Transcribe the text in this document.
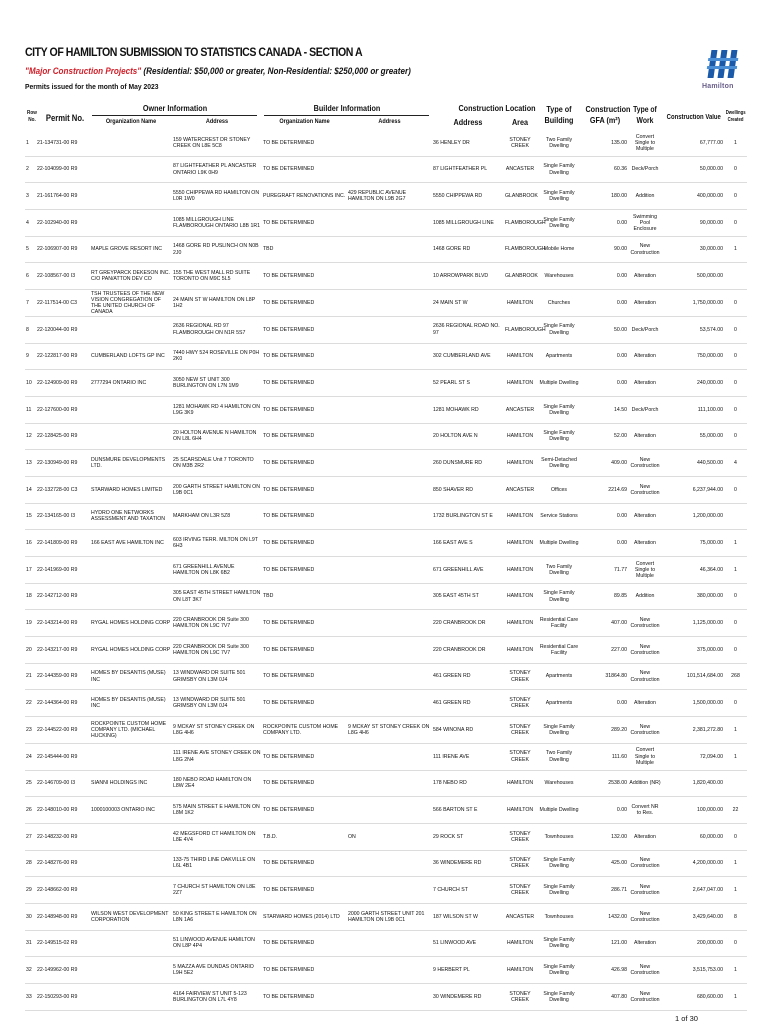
CITY OF HAMILTON SUBMISSION TO STATISTICS CANADA - SECTION A
"Major Construction Projects" (Residential: $50,000 or greater, Non-Residential: $250,000 or greater)
Permits issued for the month of May 2023	Hamilton
Row No. Permit No.
Owner Information
Organization Name	Address
Builder Information
Organization Name	Address
Construction Location
Address	Area
Type of
Building
Construction
GFA (m²)
Type of
Work	Construction Value
Dwellings
Created
1	21-134731-00 R9		159 WATERCREST DR STONEY CREEK ON L8E 5C8	TO BE DETERMINED		36 HENLEY DR	STONEY CREEK	Two Family Dwelling	135.00	Convert Single to Multiple	67,777.00	1
2	22-104099-00 R9		87 LIGHTFEATHER PL ANCASTER ONTARIO L9K 0H9	TO BE DETERMINED		87 LIGHTFEATHER PL	ANCASTER	Single Family Dwelling	60.36	Deck/Porch	50,000.00	0
3	21-161764-00 R9		5550 CHIPPEWA RD HAMILTON ON L0R 1W0	PUREGRAFT RENOVATIONS INC.	429 REPUBLIC AVENUE HAMILTON ON L9B 2G7	5550 CHIPPEWA RD	GLANBROOK	Single Family Dwelling	180.00	Addition	400,000.00	0
4	22-102940-00 R9		1085 MILLGROUGH LINE FLAMBOROUGH ONTARIO L8B 1R1	TO BE DETERMINED		1085 MILLGROUGH LINE	FLAMBOROUGH	Single Family Dwelling	0.00	Swimming Pool Enclosure	90,000.00	0
5	22-106907-00 R9	MAPLE GROVE RESORT INC	1468 GORE RD PUSLINCH ON N0B 2J0	TBD		1468 GORE RD	FLAMBOROUGH	Mobile Home	90.00	New Construction	30,000.00	1
6	22-108567-00 I3	RT GREYPARCK DEKESON INC. C/O PAN/ATTON DEV CO	155 THE WEST MALL RD SUITE TORONTO ON M9C 5L5	TO BE DETERMINED		10 ARROWPARK BLVD	GLANBROOK	Warehouses	0.00	Alteration	500,000.00	
7	22-117514-00 C3	TSH TRUSTEES OF THE NEW VISION CONGREGATION OF THE UNITED CHURCH OF CANADA	24 MAIN ST W HAMILTON ON L8P 1H2	TO BE DETERMINED		24 MAIN ST W	HAMILTON	Churches	0.00	Alteration	1,750,000.00	0
8	22-120044-00 R9		2636 REGIONAL RD 97 FLAMBOROUGH ON N1R 5S7	TO BE DETERMINED		2636 REGIONAL ROAD NO. 97	FLAMBOROUGH	Single Family Dwelling	50.00	Deck/Porch	53,574.00	0
9	22-122817-00 R9	CUMBERLAND LOFTS GP INC	7440 HWY 524 ROSEVILLE ON P0H 2K0	TO BE DETERMINED		302 CUMBERLAND AVE	HAMILTON	Apartments	0.00	Alteration	750,000.00	0
10	22-124909-00 R9	2777294 ONTARIO INC	3050 NEW ST UNIT 300 BURLINGTON ON L7N 1M9	TO BE DETERMINED		52 PEARL ST S	HAMILTON	Multiple Dwelling	0.00	Alteration	240,000.00	0
11	22-127600-00 R9		1281 MOHAWK RD 4 HAMILTON ON L9G 3K9	TO BE DETERMINED		1281 MOHAWK RD	ANCASTER	Single Family Dwelling	14.50	Deck/Porch	111,100.00	0
12	22-128425-00 R9		20 HOLTON AVENUE N HAMILTON ON L8L 6H4	TO BE DETERMINED		20 HOLTON AVE N	HAMILTON	Single Family Dwelling	52.00	Alteration	55,000.00	0
13	22-130949-00 R9	DUNSMURE DEVELOPMENTS LTD.	25 SCARSDALE Unit 7 TORONTO ON M3B 2R2	TO BE DETERMINED		260 DUNSMURE RD	HAMILTON	Semi-Detached Dwelling	409.00	New Construction	440,500.00	4
14	22-132728-00 C3	STARWARD HOMES LIMITED	200 GARTH STREET HAMILTON ON L9B 0C1	TO BE DETERMINED		850 SHAVER RD	ANCASTER	Offices	2214.69	New Construction	6,237,944.00	0
15	22-134165-00 I3	HYDRO ONE NETWORKS ASSESSMENT AND TAXATION	MARKHAM ON L3R 5Z8	TO BE DETERMINED		1732 BURLINGTON ST E	HAMILTON	Service Stations	0.00	Alteration	1,200,000.00	
16	22-141809-00 R9	166 EAST AVE HAMILTON INC	603 IRVING TERR. MILTON ON L9T 6H3	TO BE DETERMINED		166 EAST AVE S	HAMILTON	Multiple Dwelling	0.00	Alteration	75,000.00	1
17	22-141969-00 R9		671 GREENHILL AVENUE HAMILTON ON L8K 6B2	TO BE DETERMINED		671 GREENHILL AVE	HAMILTON	Two Family Dwelling	71.77	Convert Single to Multiple	46,364.00	1
18	22-142712-00 R9		305 EAST 45TH STREET HAMILTON ON L8T 3K7	TBD		305 EAST 45TH ST	HAMILTON	Single Family Dwelling	89.85	Addition	380,000.00	0
19	22-143214-00 R9	RYGAL HOMES HOLDING CORP	220 CRANBROOK DR Suite 300 HAMILTON ON L9C 7V7	TO BE DETERMINED		220 CRANBROOK DR	HAMILTON	Residential Care Facility	407.00	New Construction	1,125,000.00	0
20	22-143217-00 R9	RYGAL HOMES HOLDING CORP	220 CRANBROOK DR Suite 300 HAMILTON ON L9C 7V7	TO BE DETERMINED		220 CRANBROOK DR	HAMILTON	Residential Care Facility	227.00	New Construction	375,000.00	0
21	22-144359-00 R9	HOMES BY DESANTIS (MUSE) INC	13 WINDWARD DR SUITE 501 GRIMSBY ON L3M 0J4	TO BE DETERMINED		461 GREEN RD	STONEY CREEK	Apartments	31864.80	New Construction	101,514,684.00	268
22	22-144364-00 R9	HOMES BY DESANTIS (MUSE) INC	13 WINDWARD DR SUITE 501 GRIMSBY ON L3M 0J4	TO BE DETERMINED		461 GREEN RD	STONEY CREEK	Apartments	0.00	Alteration	1,500,000.00	0
23	22-144522-00 R9	ROCKPOINTE CUSTOM HOME COMPANY LTD. (MICHAEL HUCKING)	9 MCKAY ST STONEY CREEK ON L8G 4H6	ROCKPOINTE CUSTOM HOME COMPANY LTD.	9 MCKAY ST STONEY CREEK ON L8G 4H6	584 WINONA RD	STONEY CREEK	Single Family Dwelling	289.20	New Construction	2,381,272.80	1
24	22-145444-00 R9		111 IRENE AVE STONEY CREEK ON L8G 2N4	TO BE DETERMINED		111 IRENE AVE	STONEY CREEK	Two Family Dwelling	111.60	Convert Single to Multiple	72,094.00	1
25	22-146709-00 I3	SIANNI HOLDINGS INC	180 NEBO ROAD HAMILTON ON L8W 2E4	TO BE DETERMINED		178 NEBO RD	HAMILTON	Warehouses	2538.00	Addition (NR)	1,820,400.00	
26	22-148010-00 R9	1000100003 ONTARIO INC	575 MAIN STREET E HAMILTON ON L8M 1K2	TO BE DETERMINED		566 BARTON ST E	HAMILTON	Multiple Dwelling	0.00	Convert NR to Res.	100,000.00	22
27	22-148232-00 R9		42 MEGSFORD CT HAMILTON ON L8E 4V4	T.B.D.	ON	29 ROCK ST	STONEY CREEK	Townhouses	132.00	Alteration	60,000.00	0
28	22-148276-00 R9		133-75 THIRD LINE OAKVILLE ON L6L 4B1	TO BE DETERMINED		36 WINDEMERE RD	STONEY CREEK	Single Family Dwelling	425.00	New Construction	4,200,000.00	1
29	22-148662-00 R9		7 CHURCH ST HAMILTON ON L8E 2Z7	TO BE DETERMINED		7 CHURCH ST	STONEY CREEK	Single Family Dwelling	286.71	New Construction	2,647,047.00	1
30	22-148948-00 R9	WILSON WEST DEVELOPMENT CORPORATION	50 KING STREET E HAMILTON ON L8N 1A6	STARWARD HOMES (2014) LTD	2000 GARTH STREET UNIT 201 HAMILTON ON L9B 0C1	187 WILSON ST W	ANCASTER	Townhouses	1432.00	New Construction	3,429,640.00	8
31	22-149515-02 R9		51 LINWOOD AVENUE HAMILTON ON L8P 4P4	TO BE DETERMINED		51 LINWOOD AVE	HAMILTON	Single Family Dwelling	121.00	Alteration	200,000.00	0
32	22-149962-00 R9		5 MAZZA AVE DUNDAS ONTARIO L9H 5E2	TO BE DETERMINED		9 HERBERT PL	HAMILTON	Single Family Dwelling	426.98	New Construction	3,515,753.00	1
33	22-150293-00 R9		4164 FAIRVIEW ST UNIT 5-123 BURLINGTON ON L7L 4Y8	TO BE DETERMINED		30 WINDEMERE RD	STONEY CREEK	Single Family Dwelling	407.80	New Construction	680,600.00	1
1 of 30
